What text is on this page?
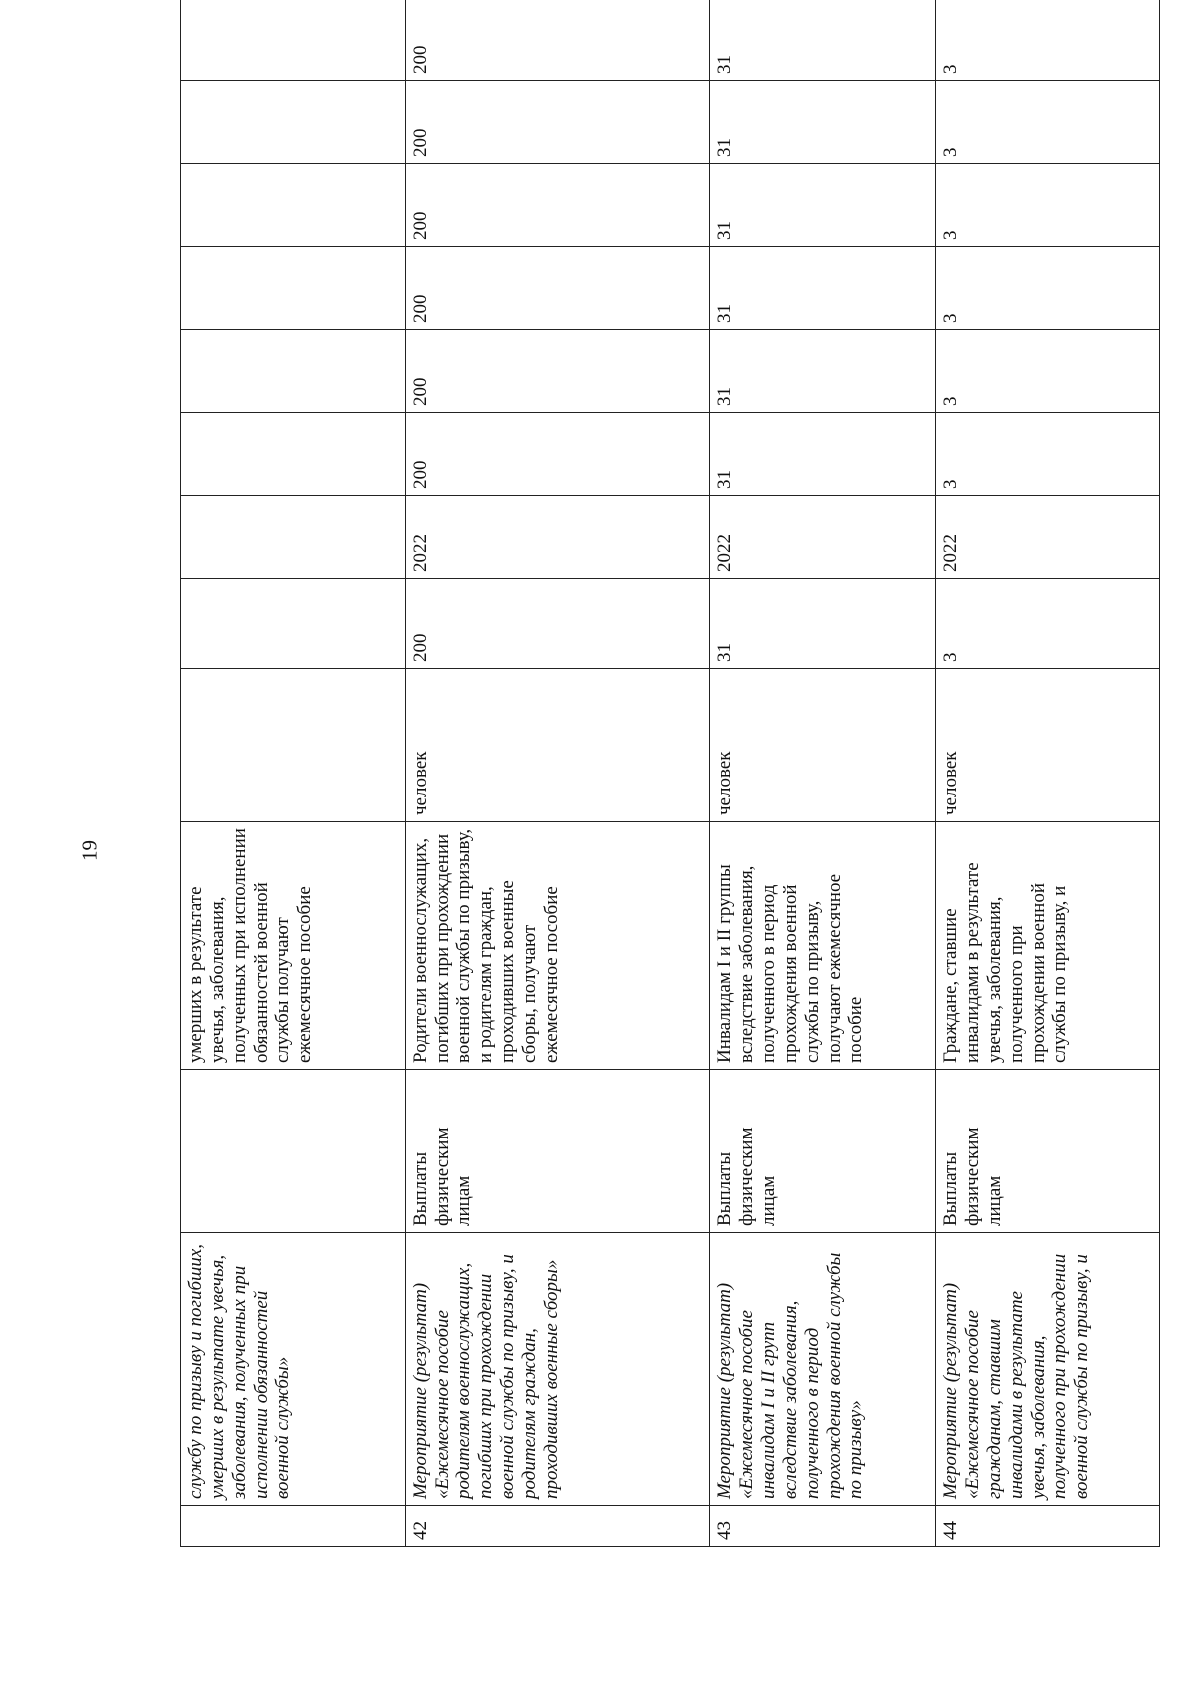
19
	службу по призыву и погибших, умерших в результате увечья, заболевания, полученных при исполнении обязанностей военной службы»		умерших в результате увечья, заболевания, полученных при исполнении обязанностей военной службы получают ежемесячное пособие										
42	Мероприятие (результат) «Ежемесячное пособие родителям военнослужащих, погибших при прохождении военной службы по призыву, и родителям граждан, проходивших военные сборы»	Выплаты физическим лицам	Родители военнослужащих, погибших при прохождении военной службы по призыву, и родителям граждан, проходивших военные сборы, получают ежемесячное пособие	человек	200	2022	200	200	200	200	200	200	
43	Мероприятие (результат) «Ежемесячное пособие инвалидам I и II групп вследствие заболевания, полученного в период прохождения военной службы по призыву»	Выплаты физическим лицам	Инвалидам I и II группы вследствие заболевания, полученного в период прохождения военной службы по призыву, получают ежемесячное пособие	человек	31	2022	31	31	31	31	31	31	
44	Мероприятие (результат) «Ежемесячное пособие гражданам, ставшим инвалидами в результате увечья, заболевания, полученного при прохождении военной службы по призыву, и	Выплаты физическим лицам	Граждане, ставшие инвалидами в результате увечья, заболевания, полученного при прохождении военной службы по призыву, и	человек	3	2022	3	3	3	3	3	3	
